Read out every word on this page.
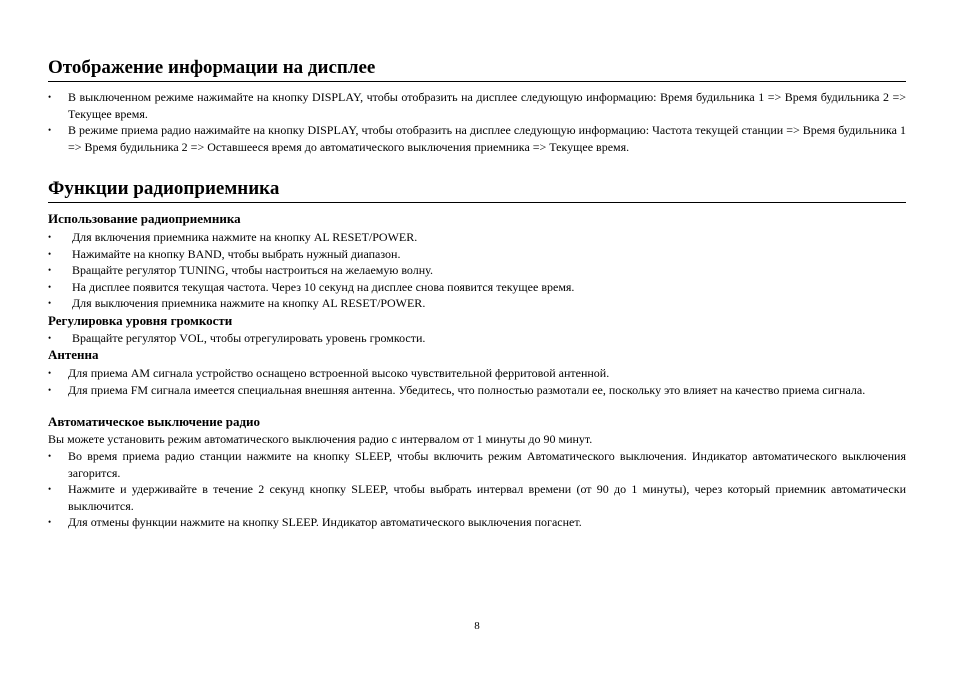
Отображение информации на дисплее
• В выключенном режиме нажимайте на кнопку DISPLAY, чтобы отобразить на дисплее следующую информацию: Время будильника 1 => Время будильника 2 => Текущее время.
• В режиме приема радио нажимайте на кнопку DISPLAY, чтобы отобразить на дисплее следующую информацию: Частота текущей станции => Время будильника 1 => Время будильника 2 => Оставшееся время до автоматического выключения приемника => Текущее время.
Функции радиоприемника
Использование радиоприемника
• Для включения приемника нажмите на кнопку AL RESET/POWER.
• Нажимайте на кнопку BAND, чтобы выбрать нужный диапазон.
• Вращайте регулятор TUNING, чтобы настроиться на желаемую волну.
• На дисплее появится текущая частота. Через 10 секунд на дисплее снова появится текущее время.
• Для выключения приемника нажмите на кнопку AL RESET/POWER.
Регулировка уровня громкости
• Вращайте регулятор VOL, чтобы отрегулировать уровень громкости.
Антенна
• Для приема AM сигнала устройство оснащено встроенной высоко чувствительной ферритовой антенной.
• Для приема FM сигнала имеется специальная внешняя антенна. Убедитесь, что полностью размотали ее, поскольку это влияет на качество приема сигнала.
Автоматическое выключение радио

Вы можете установить режим автоматического выключения радио с интервалом от 1 минуты до 90 минут.

• Во время приема радио станции нажмите на кнопку SLEEP, чтобы включить режим Автоматического выключения. Индикатор автоматического выключения загорится.
• Нажмите и удерживайте в течение 2 секунд кнопку SLEEP, чтобы выбрать интервал времени (от 90 до 1 минуты), через который приемник автоматически выключится.
• Для отмены функции нажмите на кнопку SLEEP. Индикатор автоматического выключения погаснет.
8
